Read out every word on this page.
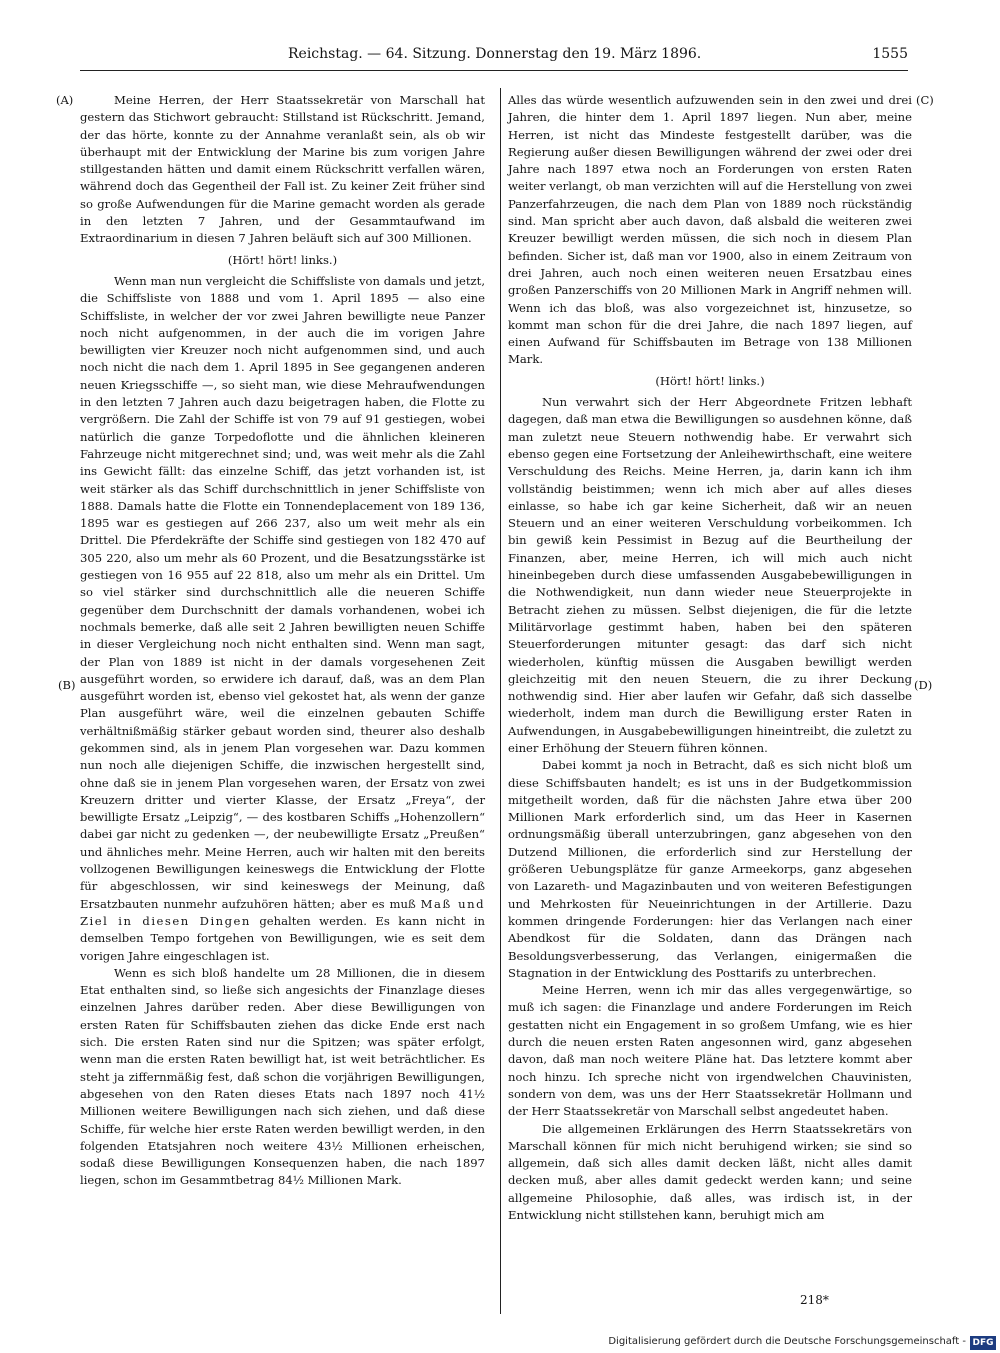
Reichstag. — 64. Sitzung. Donnerstag den 19. März 1896.	1555
(A)
(B)
(C)
(D)

Meine Herren, der Herr Staatssekretär von Marschall hat gestern das Stichwort gebraucht: Stillstand ist Rückschritt. Jemand, der das hörte, konnte zu der Annahme veranlaßt sein, als ob wir überhaupt mit der Entwicklung der Marine bis zum vorigen Jahre stillgestanden hätten und damit einem Rückschritt verfallen wären, während doch das Gegentheil der Fall ist. Zu keiner Zeit früher sind so große Aufwendungen für die Marine gemacht worden als gerade in den letzten 7 Jahren, und der Gesammtaufwand im Extraordinarium in diesen 7 Jahren beläuft sich auf 300 Millionen.

(Hört! hört! links.)

Wenn man nun vergleicht die Schiffsliste von damals und jetzt, die Schiffsliste von 1888 und vom 1. April 1895 — also eine Schiffsliste, in welcher der vor zwei Jahren bewilligte neue Panzer noch nicht aufgenommen, in der auch die im vorigen Jahre bewilligten vier Kreuzer noch nicht aufgenommen sind, und auch noch nicht die nach dem 1. April 1895 in See gegangenen anderen neuen Kriegsschiffe —, so sieht man, wie diese Mehraufwendungen in den letzten 7 Jahren auch dazu beigetragen haben, die Flotte zu vergrößern. Die Zahl der Schiffe ist von 79 auf 91 gestiegen, wobei natürlich die ganze Torpedoflotte und die ähnlichen kleineren Fahrzeuge nicht mitgerechnet sind; und, was weit mehr als die Zahl ins Gewicht fällt: das einzelne Schiff, das jetzt vorhanden ist, ist weit stärker als das Schiff durchschnittlich in jener Schiffsliste von 1888. Damals hatte die Flotte ein Tonnendeplacement von 189 136, 1895 war es gestiegen auf 266 237, also um weit mehr als ein Drittel. Die Pferdekräfte der Schiffe sind gestiegen von 182 470 auf 305 220, also um mehr als 60 Prozent, und die Besatzungsstärke ist gestiegen von 16 955 auf 22 818, also um mehr als ein Drittel. Um so viel stärker sind durchschnittlich alle die neueren Schiffe gegenüber dem Durchschnitt der damals vorhandenen, wobei ich nochmals bemerke, daß alle seit 2 Jahren bewilligten neuen Schiffe in dieser Vergleichung noch nicht enthalten sind. Wenn man sagt, der Plan von 1889 ist nicht in der damals vorgesehenen Zeit ausgeführt worden, so erwidere ich darauf, daß, was an dem Plan ausgeführt worden ist, ebenso viel gekostet hat, als wenn der ganze Plan ausgeführt wäre, weil die einzelnen gebauten Schiffe verhältnißmäßig stärker gebaut worden sind, theurer also deshalb gekommen sind, als in jenem Plan vorgesehen war. Dazu kommen nun noch alle diejenigen Schiffe, die inzwischen hergestellt sind, ohne daß sie in jenem Plan vorgesehen waren, der Ersatz von zwei Kreuzern dritter und vierter Klasse, der Ersatz „Freya“, der bewilligte Ersatz „Leipzig“, — des kostbaren Schiffs „Hohenzollern“ dabei gar nicht zu gedenken —, der neubewilligte Ersatz „Preußen“ und ähnliches mehr. Meine Herren, auch wir halten mit den bereits vollzogenen Bewilligungen keineswegs die Entwicklung der Flotte für abgeschlossen, wir sind keineswegs der Meinung, daß Ersatzbauten nunmehr aufzuhören hätten; aber es muß Maß und Ziel in diesen Dingen gehalten werden. Es kann nicht in demselben Tempo fortgehen von Bewilligungen, wie es seit dem vorigen Jahre eingeschlagen ist.

Wenn es sich bloß handelte um 28 Millionen, die in diesem Etat enthalten sind, so ließe sich angesichts der Finanzlage dieses einzelnen Jahres darüber reden. Aber diese Bewilligungen von ersten Raten für Schiffsbauten ziehen das dicke Ende erst nach sich. Die ersten Raten sind nur die Spitzen; was später erfolgt, wenn man die ersten Raten bewilligt hat, ist weit beträchtlicher. Es steht ja ziffernmäßig fest, daß schon die vorjährigen Bewilligungen, abgesehen von den Raten dieses Etats nach 1897 noch 41½ Millionen weitere Bewilligungen nach sich ziehen, und daß diese Schiffe, für welche hier erste Raten werden bewilligt werden, in den folgenden Etatsjahren noch weitere 43½ Millionen erheischen, sodaß diese Bewilligungen Konsequenzen haben, die nach 1897 liegen, schon im Gesammtbetrag 84½ Millionen Mark.

Alles das würde wesentlich aufzuwenden sein in den zwei und drei Jahren, die hinter dem 1. April 1897 liegen. Nun aber, meine Herren, ist nicht das Mindeste festgestellt darüber, was die Regierung außer diesen Bewilligungen während der zwei oder drei Jahre nach 1897 etwa noch an Forderungen von ersten Raten weiter verlangt, ob man verzichten will auf die Herstellung von zwei Panzerfahrzeugen, die nach dem Plan von 1889 noch rückständig sind. Man spricht aber auch davon, daß alsbald die weiteren zwei Kreuzer bewilligt werden müssen, die sich noch in diesem Plan befinden. Sicher ist, daß man vor 1900, also in einem Zeitraum von drei Jahren, auch noch einen weiteren neuen Ersatzbau eines großen Panzerschiffs von 20 Millionen Mark in Angriff nehmen will. Wenn ich das bloß, was also vorgezeichnet ist, hinzusetze, so kommt man schon für die drei Jahre, die nach 1897 liegen, auf einen Aufwand für Schiffsbauten im Betrage von 138 Millionen Mark.

(Hört! hört! links.)

Nun verwahrt sich der Herr Abgeordnete Fritzen lebhaft dagegen, daß man etwa die Bewilligungen so ausdehnen könne, daß man zuletzt neue Steuern nothwendig habe. Er verwahrt sich ebenso gegen eine Fortsetzung der Anleihewirthschaft, eine weitere Verschuldung des Reichs. Meine Herren, ja, darin kann ich ihm vollständig beistimmen; wenn ich mich aber auf alles dieses einlasse, so habe ich gar keine Sicherheit, daß wir an neuen Steuern und an einer weiteren Verschuldung vorbeikommen. Ich bin gewiß kein Pessimist in Bezug auf die Beurtheilung der Finanzen, aber, meine Herren, ich will mich auch nicht hineinbegeben durch diese umfassenden Ausgabebewilligungen in die Nothwendigkeit, nun dann wieder neue Steuerprojekte in Betracht ziehen zu müssen. Selbst diejenigen, die für die letzte Militärvorlage gestimmt haben, haben bei den späteren Steuerforderungen mitunter gesagt: das darf sich nicht wiederholen, künftig müssen die Ausgaben bewilligt werden gleichzeitig mit den neuen Steuern, die zu ihrer Deckung nothwendig sind. Hier aber laufen wir Gefahr, daß sich dasselbe wiederholt, indem man durch die Bewilligung erster Raten in Aufwendungen, in Ausgabebewilligungen hineintreibt, die zuletzt zu einer Erhöhung der Steuern führen können.

Dabei kommt ja noch in Betracht, daß es sich nicht bloß um diese Schiffsbauten handelt; es ist uns in der Budgetkommission mitgetheilt worden, daß für die nächsten Jahre etwa über 200 Millionen Mark erforderlich sind, um das Heer in Kasernen ordnungsmäßig überall unterzubringen, ganz abgesehen von den Dutzend Millionen, die erforderlich sind zur Herstellung der größeren Uebungsplätze für ganze Armeekorps, ganz abgesehen von Lazareth- und Magazinbauten und von weiteren Befestigungen und Mehrkosten für Neueinrichtungen in der Artillerie. Dazu kommen dringende Forderungen: hier das Verlangen nach einer Abendkost für die Soldaten, dann das Drängen nach Besoldungsverbesserung, das Verlangen, einigermaßen die Stagnation in der Entwicklung des Posttarifs zu unterbrechen.

Meine Herren, wenn ich mir das alles vergegenwärtige, so muß ich sagen: die Finanzlage und andere Forderungen im Reich gestatten nicht ein Engagement in so großem Umfang, wie es hier durch die neuen ersten Raten angesonnen wird, ganz abgesehen davon, daß man noch weitere Pläne hat. Das letztere kommt aber noch hinzu. Ich spreche nicht von irgendwelchen Chauvinisten, sondern von dem, was uns der Herr Staatssekretär Hollmann und der Herr Staatssekretär von Marschall selbst angedeutet haben.

Die allgemeinen Erklärungen des Herrn Staatssekretärs von Marschall können für mich nicht beruhigend wirken; sie sind so allgemein, daß sich alles damit decken läßt, nicht alles damit decken muß, aber alles damit gedeckt werden kann; und seine allgemeine Philosophie, daß alles, was irdisch ist, in der Entwicklung nicht stillstehen kann, beruhigt mich am

218*
Digitalisierung gefördert durch die Deutsche Forschungsgemeinschaft - DFG
